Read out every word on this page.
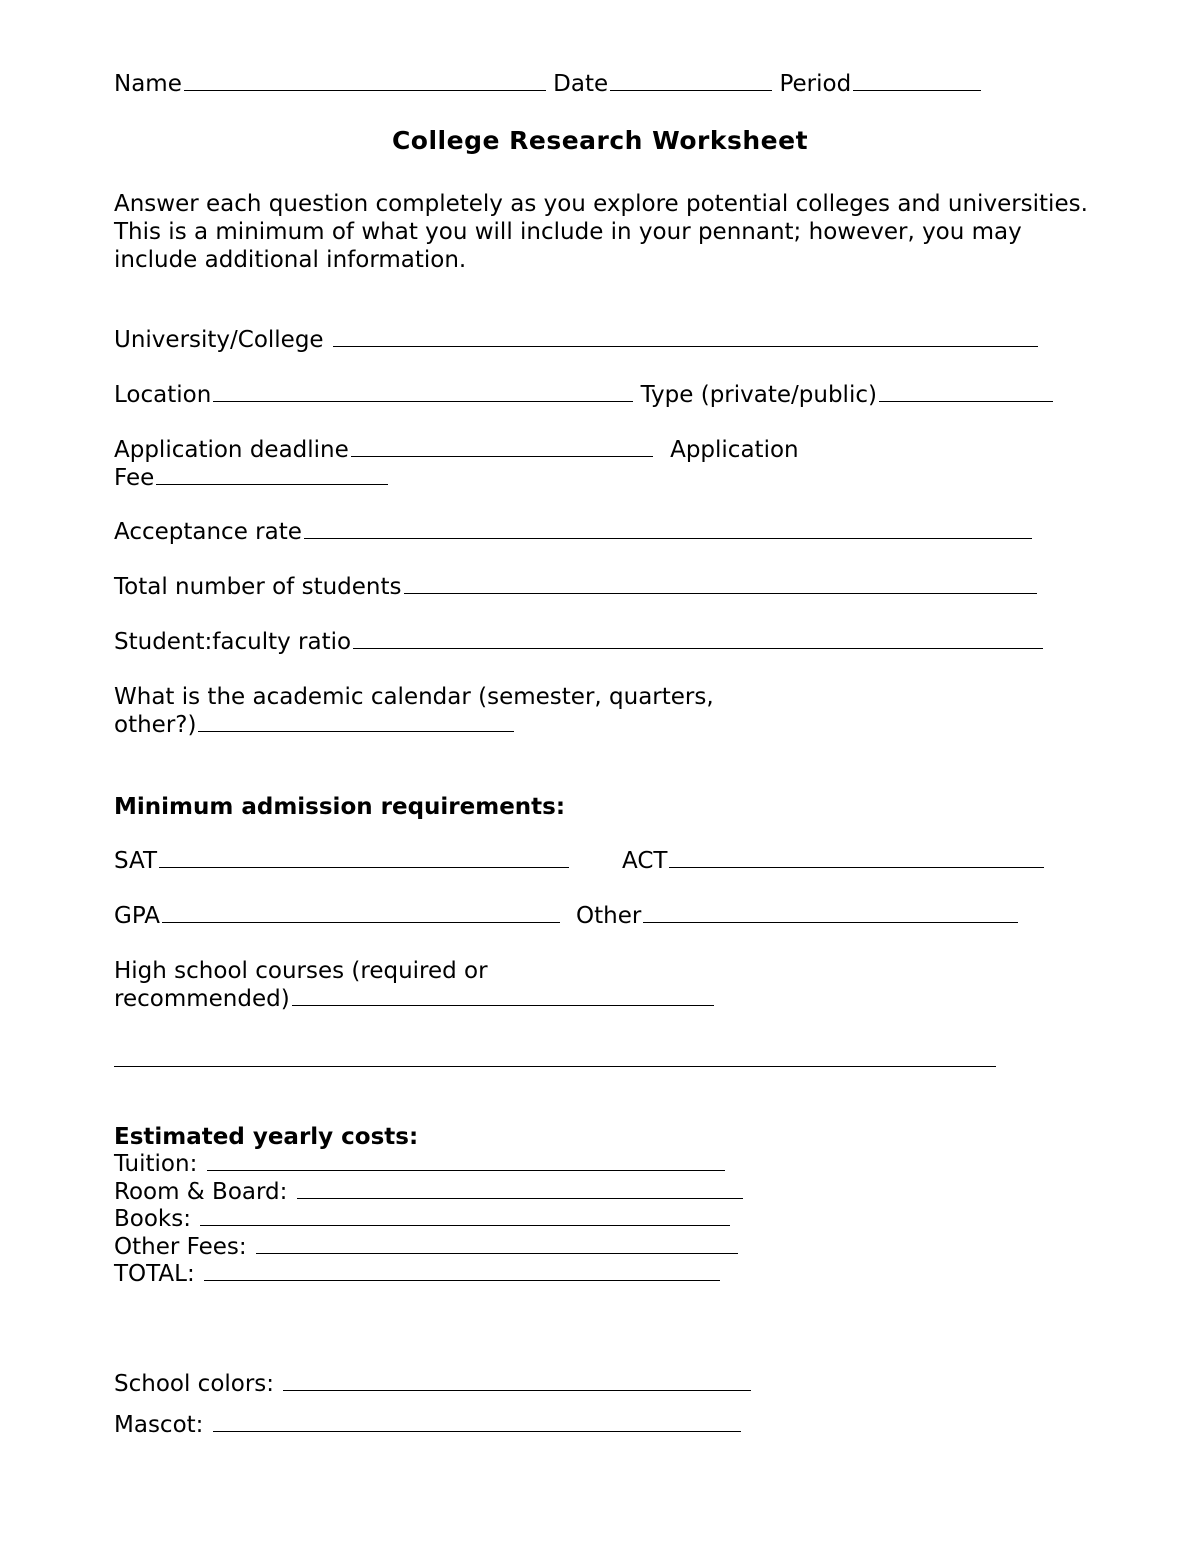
Name	Date	Period
College Research Worksheet
Answer each question completely as you explore potential colleges and universities. This is a minimum of what you will include in your pennant; however, you may include additional information.
University/College
Location	Type (private/public)
Application deadline	Application
Fee
Acceptance rate
Total number of students
Student:faculty ratio
What is the academic calendar (semester, quarters,
other?)
Minimum admission requirements:
SAT	ACT
GPA	Other
High school courses (required or
recommended)
Estimated yearly costs:
Tuition:
Room & Board:
Books:
Other Fees:
TOTAL:
School colors:
Mascot:
